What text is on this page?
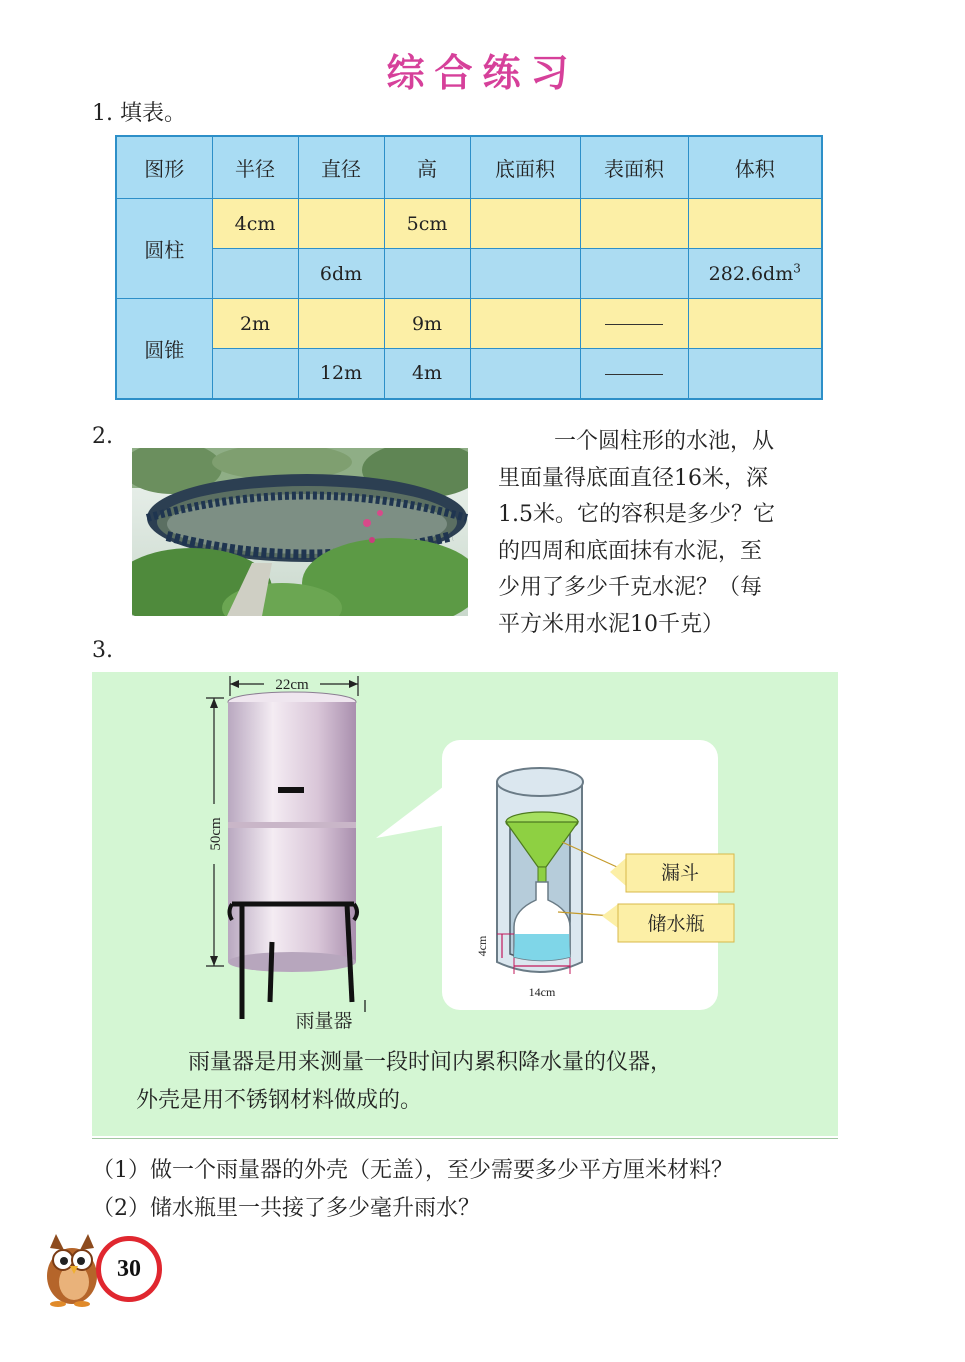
综合练习
1. 填表。
图形	半径	直径	高	底面积	表面积	体积
圆柱	4cm		5cm			
		6dm				$282.6dm^3$
圆锥	2m		9m			
		12m	4m			
2.	一个圆柱形的水池，从

里面量得底面直径16米，深

1.5米。它的容积是多少？它

的四周和底面抹有水泥，至

少用了多少千克水泥？（每

平方米用水泥10千克）

3.
22cm
50cm
雨量器
漏斗
储水瓶
4cm
14cm

雨量器是用来测量一段时间内累积降水量的仪器，

外壳是用不锈钢材料做成的。

（1）做一个雨量器的外壳（无盖），至少需要多少平方厘米材料？

（2）储水瓶里一共接了多少毫升雨水？

30
